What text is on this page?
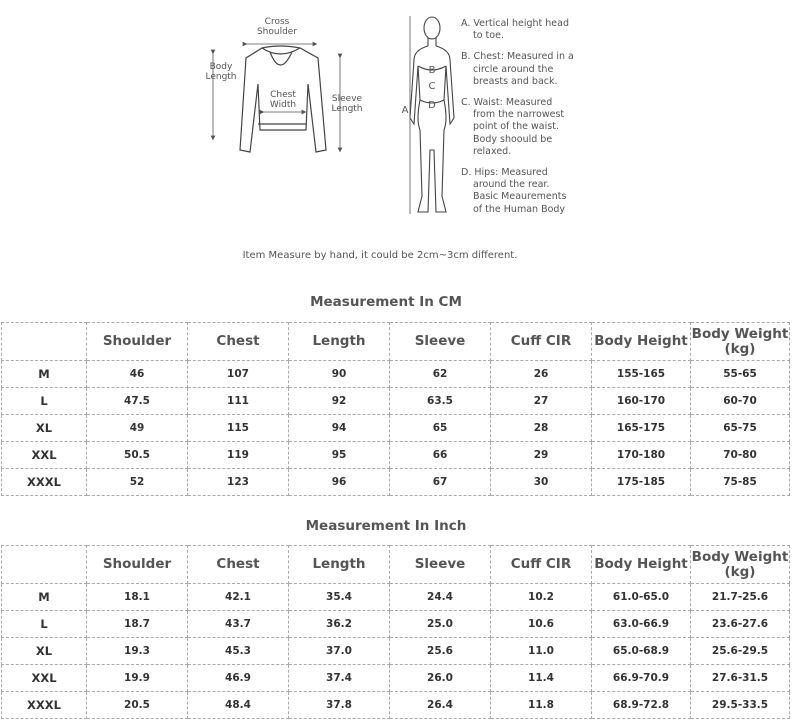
Cross
Shoulder
Body
Length
Chest
Width
Sleeve
Length	A
B
C
D
A. Vertical height head
to toe.
B. Chest: Measured in a
circle around the
breasts and back.
C. Waist: Measured
from the narrowest
point of the waist.
Body shoould be
relaxed.
D. Hips: Measured
around the rear.
Basic Meaurements
of the Human Body
Item Measure by hand, it could be 2cm~3cm different.
Measurement In CM
	Shoulder	Chest	Length	Sleeve	Cuff CIR	Body Height	Body Weight (kg)
M	46	107	90	62	26	155-165	55-65
L	47.5	111	92	63.5	27	160-170	60-70
XL	49	115	94	65	28	165-175	65-75
XXL	50.5	119	95	66	29	170-180	70-80
XXXL	52	123	96	67	30	175-185	75-85
Measurement In Inch
	Shoulder	Chest	Length	Sleeve	Cuff CIR	Body Height	Body Weight (kg)
M	18.1	42.1	35.4	24.4	10.2	61.0-65.0	21.7-25.6
L	18.7	43.7	36.2	25.0	10.6	63.0-66.9	23.6-27.6
XL	19.3	45.3	37.0	25.6	11.0	65.0-68.9	25.6-29.5
XXL	19.9	46.9	37.4	26.0	11.4	66.9-70.9	27.6-31.5
XXXL	20.5	48.4	37.8	26.4	11.8	68.9-72.8	29.5-33.5
